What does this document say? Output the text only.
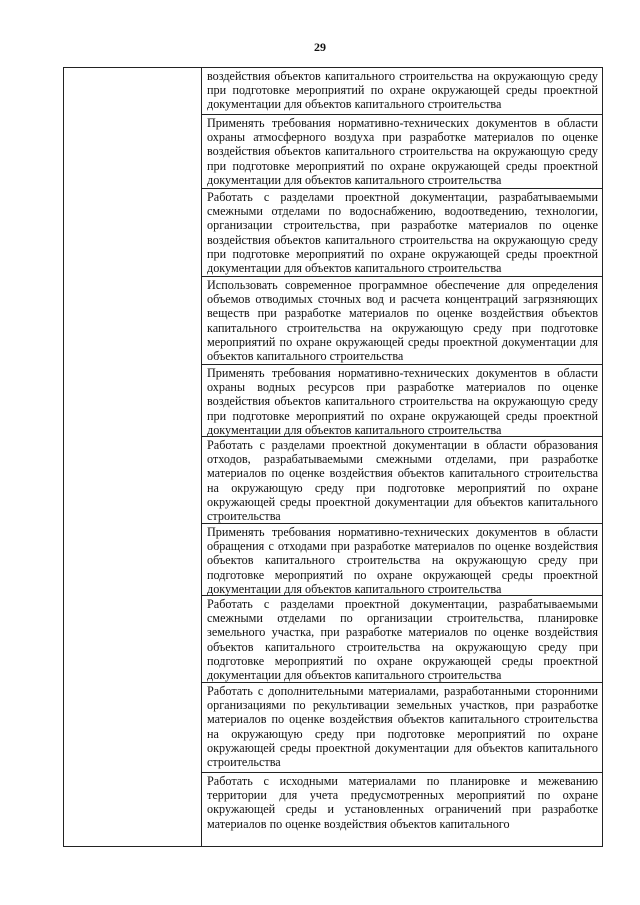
29
воздействия объектов капитального строительства на окружающую среду при подготовке мероприятий по охране окружающей среды проектной документации для объектов капитального строительства
Применять требования нормативно-технических документов в области охраны атмосферного воздуха при разработке материалов по оценке воздействия объектов капитального строительства на окружающую среду при подготовке мероприятий по охране окружающей среды проектной документации для объектов капитального строительства
Работать с разделами проектной документации, разрабатываемыми смежными отделами по водоснабжению, водоотведению, технологии, организации строительства, при разработке материалов по оценке воздействия объектов капитального строительства на окружающую среду при подготовке мероприятий по охране окружающей среды проектной документации для объектов капитального строительства
Использовать современное программное обеспечение для определения объемов отводимых сточных вод и расчета концентраций загрязняющих веществ при разработке материалов по оценке воздействия объектов капитального строительства на окружающую среду при подготовке мероприятий по охране окружающей среды проектной документации для объектов капитального строительства
Применять требования нормативно-технических документов в области охраны водных ресурсов при разработке материалов по оценке воздействия объектов капитального строительства на окружающую среду при подготовке мероприятий по охране окружающей среды проектной документации для объектов капитального строительства
Работать с разделами проектной документации в области образования отходов, разрабатываемыми смежными отделами, при разработке материалов по оценке воздействия объектов капитального строительства на окружающую среду при подготовке мероприятий по охране окружающей среды проектной документации для объектов капитального строительства
Применять требования нормативно-технических документов в области обращения с отходами при разработке материалов по оценке воздействия объектов капитального строительства на окружающую среду при подготовке мероприятий по охране окружающей среды проектной документации для объектов капитального строительства
Работать с разделами проектной документации, разрабатываемыми смежными отделами по организации строительства, планировке земельного участка, при разработке материалов по оценке воздействия объектов капитального строительства на окружающую среду при подготовке мероприятий по охране окружающей среды проектной документации для объектов капитального строительства
Работать с дополнительными материалами, разработанными сторонними организациями по рекультивации земельных участков, при разработке материалов по оценке воздействия объектов капитального строительства на окружающую среду при подготовке мероприятий по охране окружающей среды проектной документации для объектов капитального строительства
Работать с исходными материалами по планировке и межеванию территории для учета предусмотренных мероприятий по охране окружающей среды и установленных ограничений при разработке материалов по оценке воздействия объектов капитального
